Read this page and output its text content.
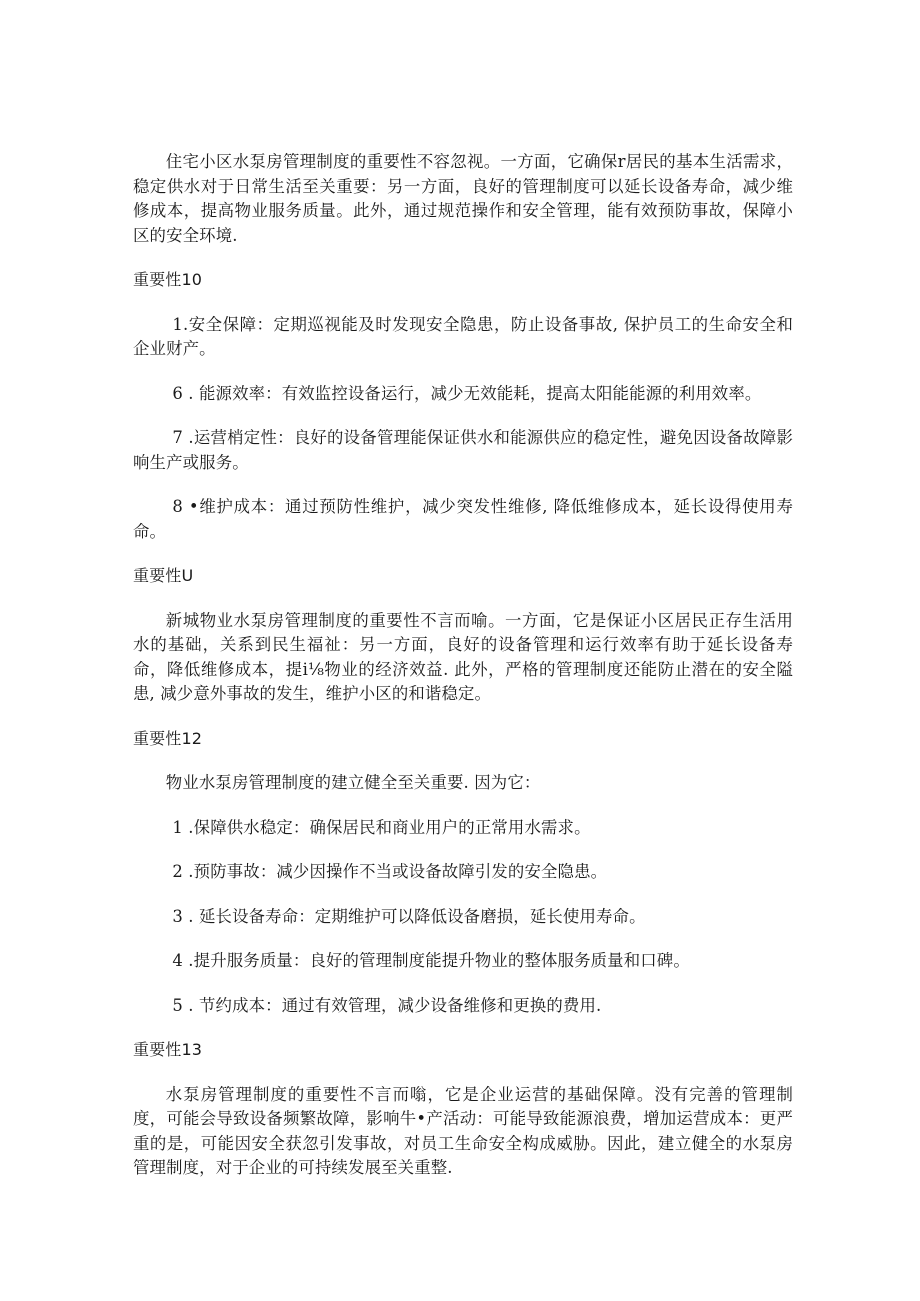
住宅小区水泵房管理制度的重要性不容忽视。一方面，它确保r居民的基本生活需求，稳定供水对于日常生活至关重要：另一方面，良好的管理制度可以延长设备寿命，减少维修成本，提高物业服务质量。此外，通过规范操作和安全管理，能有效预防事故，保障小区的安全环境.

重要性10

1.安全保障：定期巡视能及时发现安全隐患，防止设备事故, 保护员工的生命安全和企业财产。

6 . 能源效率：有效监控设备运行，减少无效能耗，提高太阳能能源的利用效率。

7 .运营梢定性：良好的设备管理能保证供水和能源供应的稳定性，避免因设备故障影响生产或服务。

8 •维护成本：通过预防性维护，减少突发性维修, 降低维修成本，延长设得使用寿命。

重要性U

新城物业水泵房管理制度的重要性不言而喻。一方面，它是保证小区居民正存生活用水的基础，关系到民生福祉：另一方面，良好的设备管理和运行效率有助于延长设备寿命，降低维修成本，提i⅛物业的经济效益. 此外，严格的管理制度还能防止潜在的安全隘患, 减少意外事故的发生，维护小区的和谐稳定。

重要性12

物业水泵房管理制度的建立健全至关重要. 因为它：

1 .保障供水稳定：确保居民和商业用户的正常用水需求。

2 .预防事故：减少因操作不当或设备故障引发的安全隐患。

3 . 延长设备寿命：定期维护可以降低设备磨损，延长使用寿命。

4 .提升服务质量：良好的管理制度能提升物业的整体服务质量和口碑。

5 . 节约成本：通过有效管理，减少设备维修和更换的费用.

重要性13

水泵房管理制度的重要性不言而嗡，它是企业运营的基础保障。没有完善的管理制度，可能会导致设备频繁故障，影响牛•产活动：可能导致能源浪费，增加运营成本：更严重的是，可能因安全获忽引发事故，对员工生命安全构成威胁。因此，建立健全的水泵房管理制度，对于企业的可持续发展至关重整.
